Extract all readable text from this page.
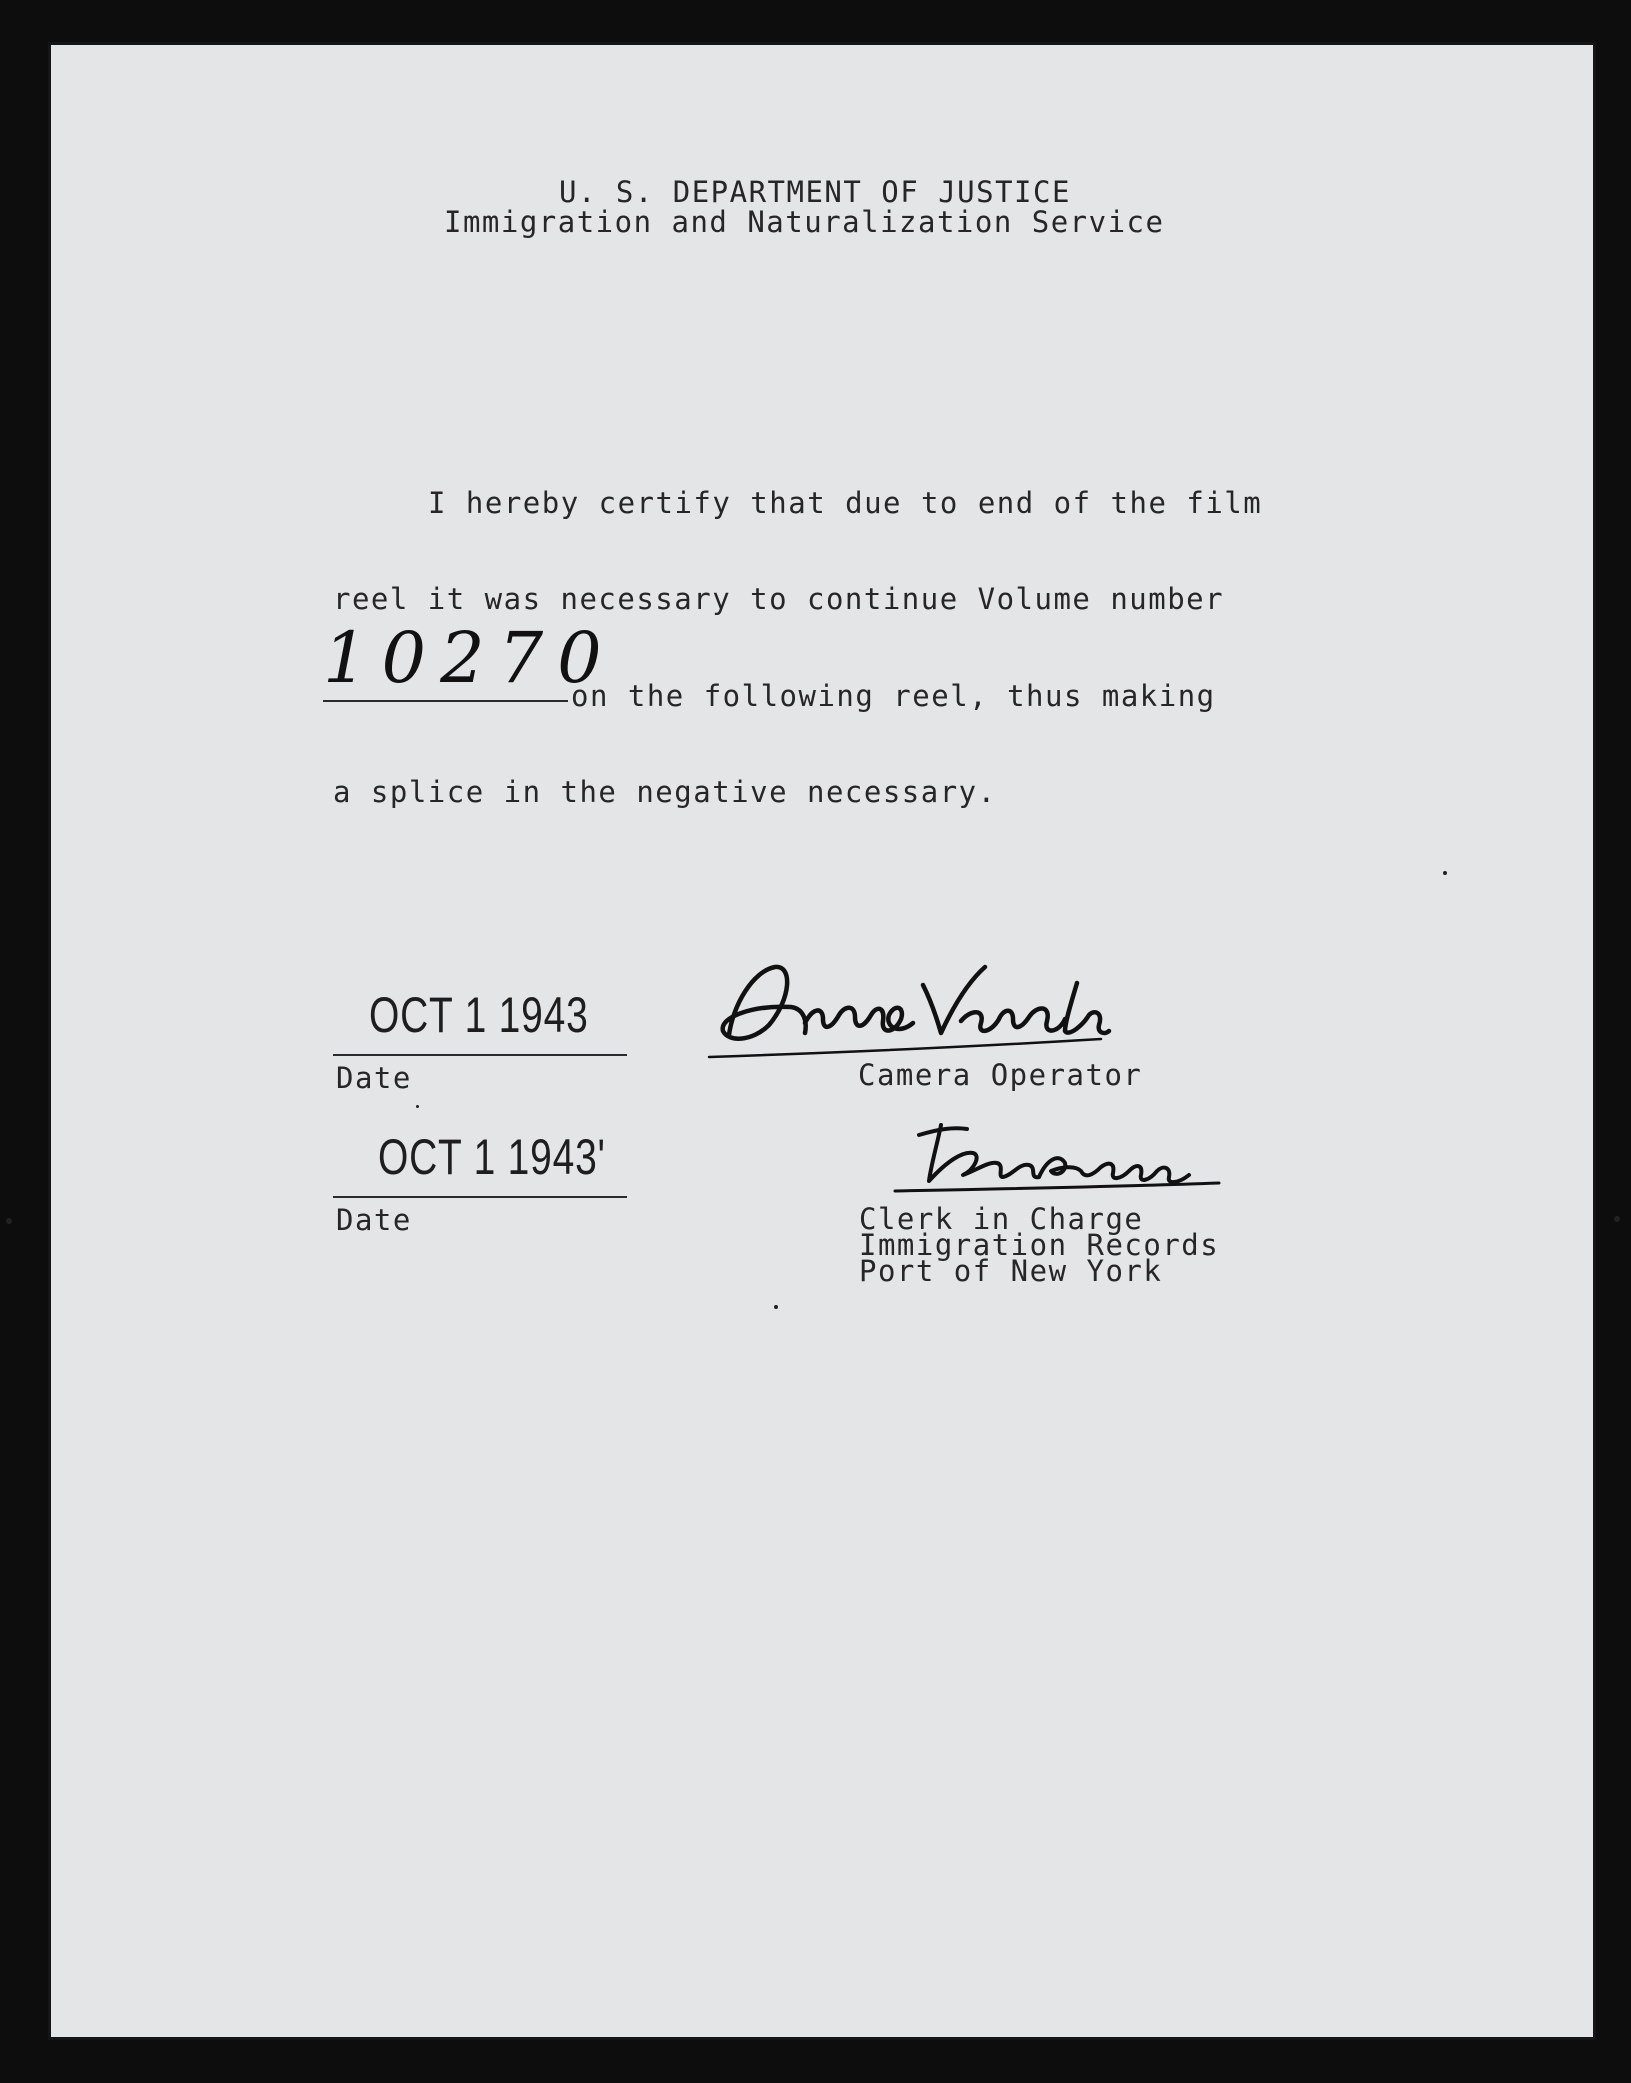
U. S. DEPARTMENT OF JUSTICE
Immigration and Naturalization Service
I hereby certify that due to end of the film
reel it was necessary to continue Volume number
10270
on the following reel, thus making
a splice in the negative necessary.
OCT 1 1943
Date
OCT 1 1943'
Date
Camera Operator
Clerk in Charge
Immigration Records
Port of New York
